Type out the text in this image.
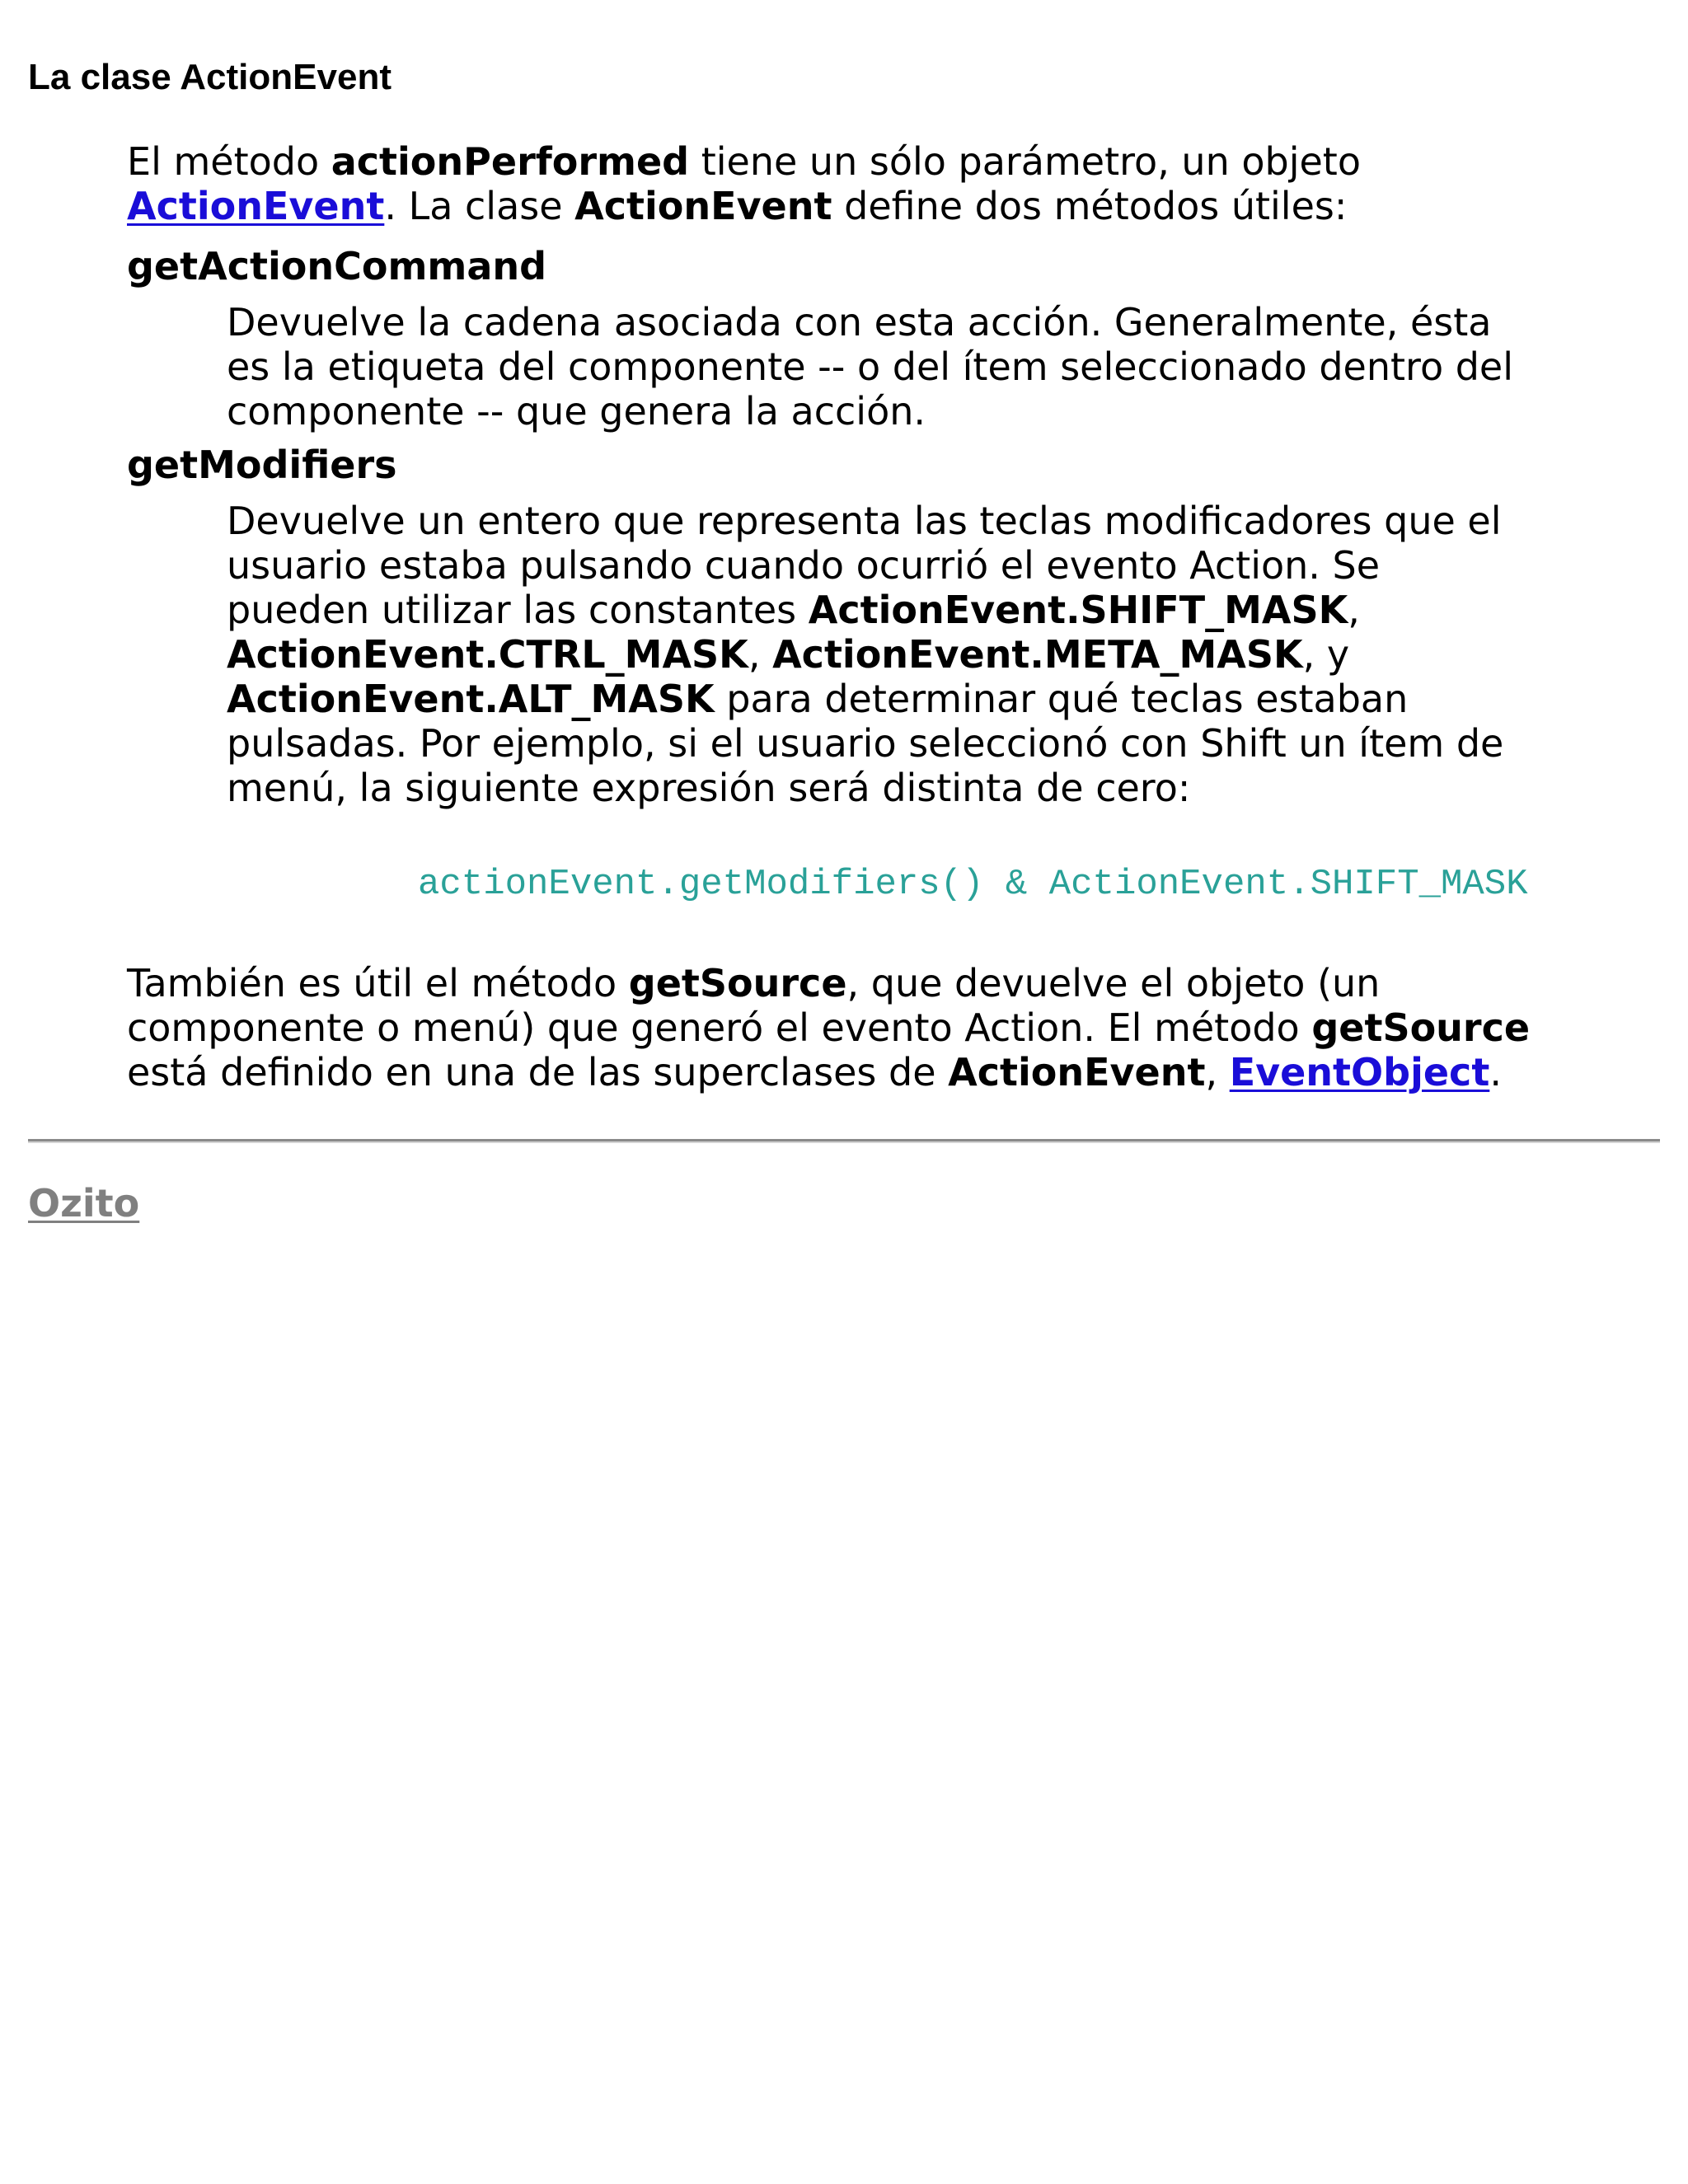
La clase ActionEvent

El método actionPerformed tiene un sólo parámetro, un objeto
ActionEvent. La clase ActionEvent define dos métodos útiles:

getActionCommand

Devuelve la cadena asociada con esta acción. Generalmente, ésta
es la etiqueta del componente -- o del ítem seleccionado dentro del
componente -- que genera la acción.

getModifiers

Devuelve un entero que representa las teclas modificadores que el
usuario estaba pulsando cuando ocurrió el evento Action. Se
pueden utilizar las constantes ActionEvent.SHIFT_MASK,
ActionEvent.CTRL_MASK, ActionEvent.META_MASK, y
ActionEvent.ALT_MASK para determinar qué teclas estaban
pulsadas. Por ejemplo, si el usuario seleccionó con Shift un ítem de
menú, la siguiente expresión será distinta de cero:

actionEvent.getModifiers() & ActionEvent.SHIFT_MASK

También es útil el método getSource, que devuelve el objeto (un
componente o menú) que generó el evento Action. El método getSource
está definido en una de las superclases de ActionEvent, EventObject.

Ozito
